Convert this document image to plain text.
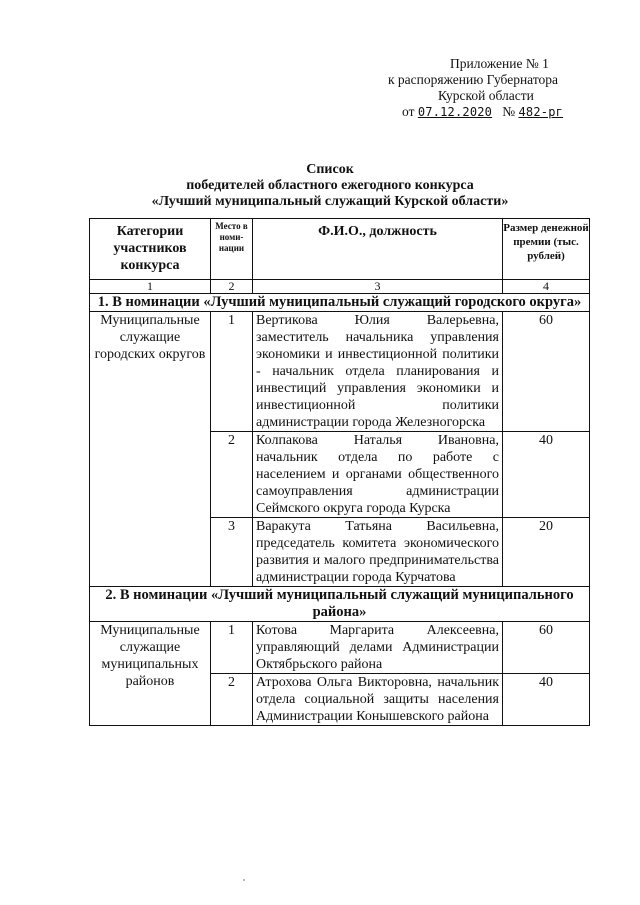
Приложение № 1
к распоряжению Губернатора
Курской области
от 07.12.2020 № 482-рг
Список
победителей областного ежегодного конкурса
«Лучший муниципальный служащий Курской области»
Категории участников конкурса	Место в номи-нации	Ф.И.О., должность	Размер денежной премии (тыс. рублей)
1	2	3	4
1. В номинации «Лучший муниципальный служащий городского округа»			
Муниципальные служащие городских округов	1	Вертикова Юлия Валерьевна, заместитель начальника управления экономики и инвестиционной политики - начальник отдела планирования и инвестиций управления экономики и инвестиционной политики администрации города Железногорска	60
	2	Колпакова Наталья Ивановна, начальник отдела по работе с населением и органами общественного самоуправления администрации Сеймского округа города Курска	40
	3	Варакута Татьяна Васильевна, председатель комитета экономического развития и малого предпринимательства администрации города Курчатова	20
2. В номинации «Лучший муниципальный служащий муниципального района»			
Муниципальные служащие муниципальных районов	1	Котова Маргарита Алексеевна, управляющий делами Администрации Октябрьского района	60
	2	Атрохова Ольга Викторовна, начальник отдела социальной защиты населения Администрации Конышевского района	40
